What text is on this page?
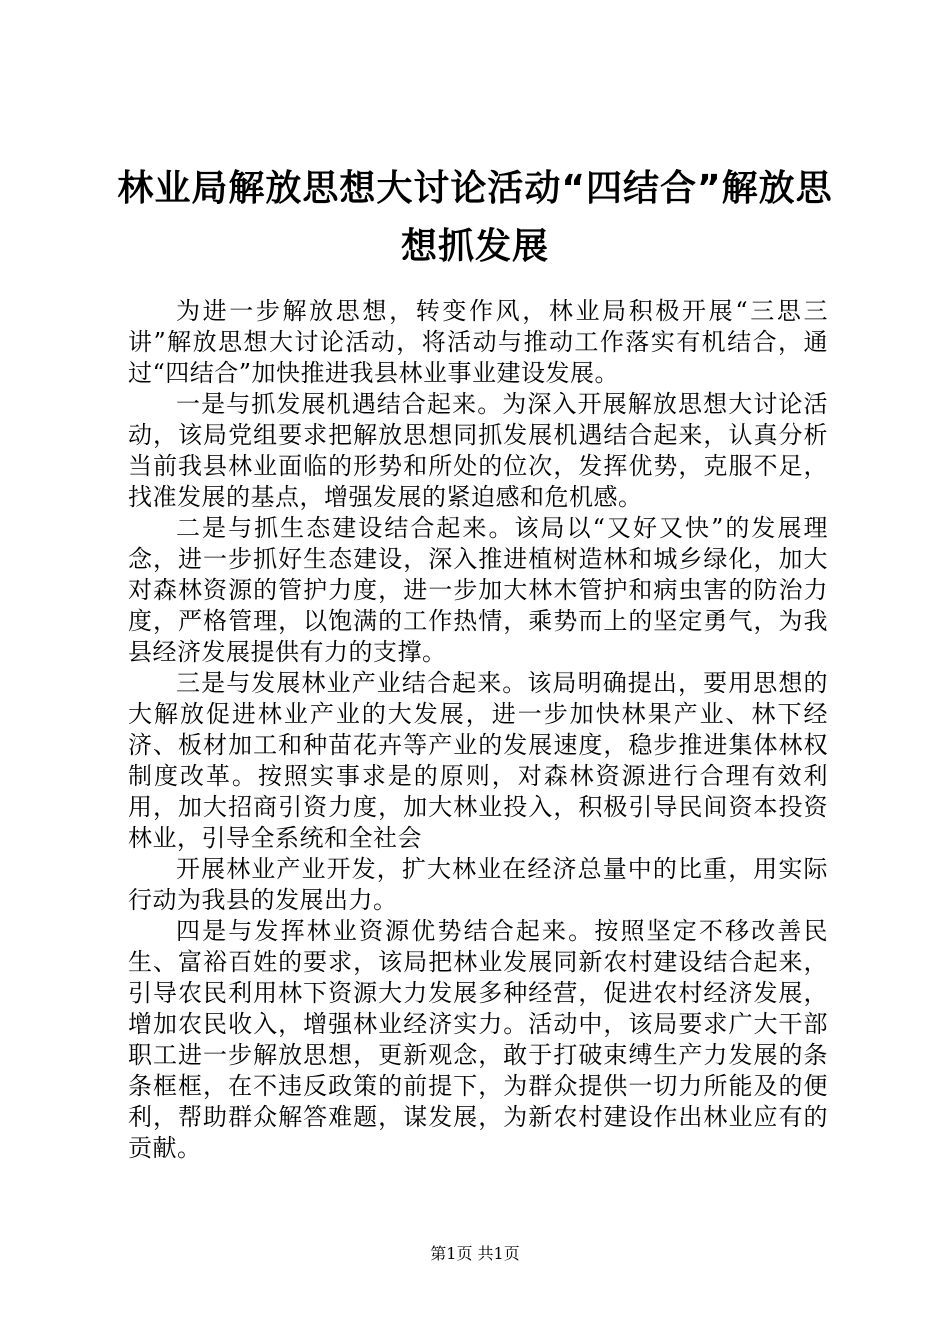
林业局解放思想大讨论活动“四结合”解放思想抓发展

为进一步解放思想，转变作风，林业局积极开展“三思三讲”解放思想大讨论活动，将活动与推动工作落实有机结合，通过“四结合”加快推进我县林业事业建设发展。

一是与抓发展机遇结合起来。为深入开展解放思想大讨论活动，该局党组要求把解放思想同抓发展机遇结合起来，认真分析当前我县林业面临的形势和所处的位次，发挥优势，克服不足，找准发展的基点，增强发展的紧迫感和危机感。

二是与抓生态建设结合起来。该局以“又好又快”的发展理念，进一步抓好生态建设，深入推进植树造林和城乡绿化，加大对森林资源的管护力度，进一步加大林木管护和病虫害的防治力度，严格管理，以饱满的工作热情，乘势而上的坚定勇气，为我县经济发展提供有力的支撑。

三是与发展林业产业结合起来。该局明确提出，要用思想的大解放促进林业产业的大发展，进一步加快林果产业、林下经济、板材加工和种苗花卉等产业的发展速度，稳步推进集体林权制度改革。按照实事求是的原则，对森林资源进行合理有效利用，加大招商引资力度，加大林业投入，积极引导民间资本投资林业，引导全系统和全社会

开展林业产业开发，扩大林业在经济总量中的比重，用实际行动为我县的发展出力。

四是与发挥林业资源优势结合起来。按照坚定不移改善民生、富裕百姓的要求，该局把林业发展同新农村建设结合起来，引导农民利用林下资源大力发展多种经营，促进农村经济发展，增加农民收入，增强林业经济实力。活动中，该局要求广大干部职工进一步解放思想，更新观念，敢于打破束缚生产力发展的条条框框，在不违反政策的前提下，为群众提供一切力所能及的便利，帮助群众解答难题，谋发展，为新农村建设作出林业应有的贡献。

第1页 共1页
